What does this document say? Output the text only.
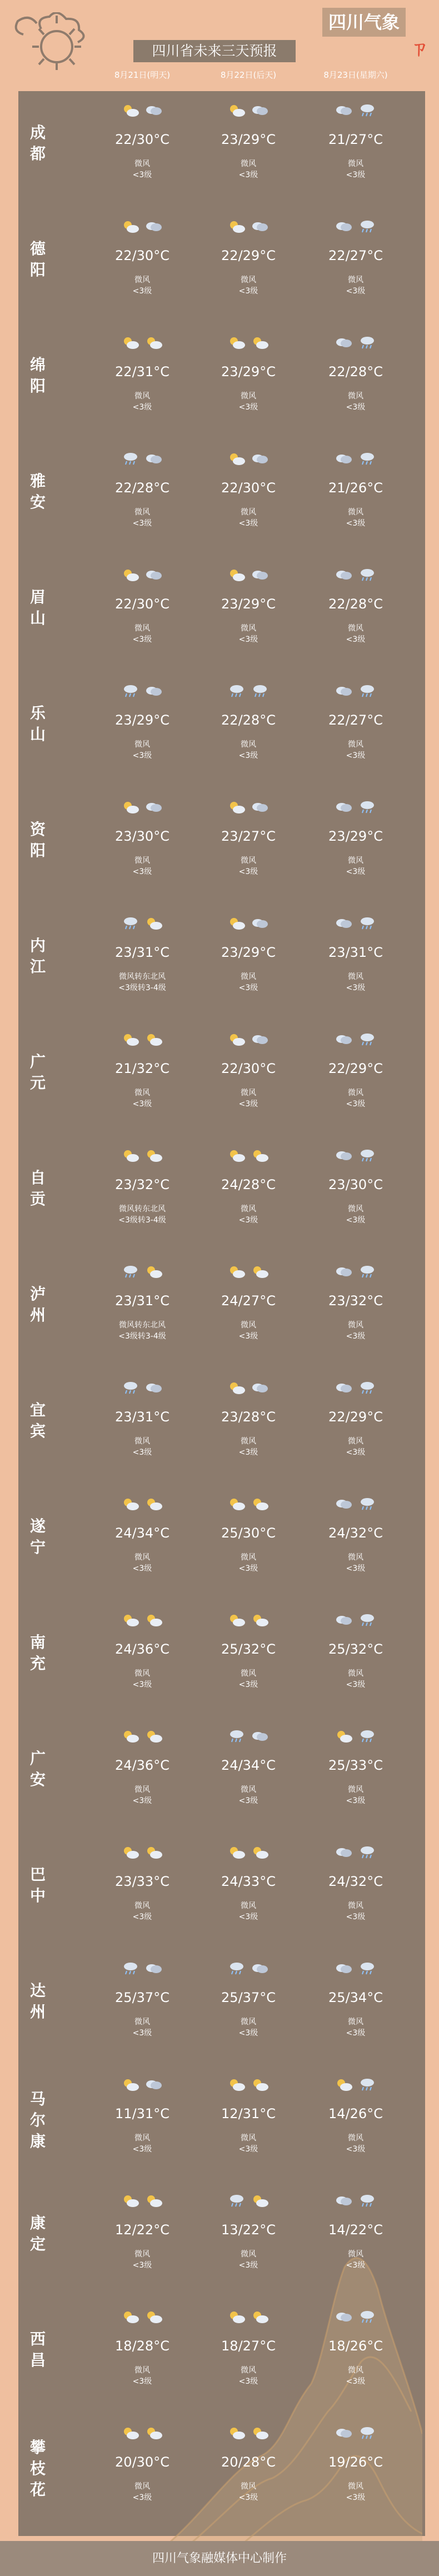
四川省未来三天预报
四川气象
ㄗ
8月21日(明天)	8月22日(后天)	8月23日(星期六)
成
都
22/30°C
微风
<3级
23/29°C
微风
<3级
21/27°C
微风
<3级
德
阳
22/30°C
微风
<3级
22/29°C
微风
<3级
22/27°C
微风
<3级
绵
阳
22/31°C
微风
<3级
23/29°C
微风
<3级
22/28°C
微风
<3级
雅
安
22/28°C
微风
<3级
22/30°C
微风
<3级
21/26°C
微风
<3级
眉
山
22/30°C
微风
<3级
23/29°C
微风
<3级
22/28°C
微风
<3级
乐
山
23/29°C
微风
<3级
22/28°C
微风
<3级
22/27°C
微风
<3级
资
阳
23/30°C
微风
<3级
23/27°C
微风
<3级
23/29°C
微风
<3级
内
江
23/31°C
微风转东北风
<3级转3-4级
23/29°C
微风
<3级
23/31°C
微风
<3级
广
元
21/32°C
微风
<3级
22/30°C
微风
<3级
22/29°C
微风
<3级
自
贡
23/32°C
微风转东北风
<3级转3-4级
24/28°C
微风
<3级
23/30°C
微风
<3级
泸
州
23/31°C
微风转东北风
<3级转3-4级
24/27°C
微风
<3级
23/32°C
微风
<3级
宜
宾
23/31°C
微风
<3级
23/28°C
微风
<3级
22/29°C
微风
<3级
遂
宁
24/34°C
微风
<3级
25/30°C
微风
<3级
24/32°C
微风
<3级
南
充
24/36°C
微风
<3级
25/32°C
微风
<3级
25/32°C
微风
<3级
广
安
24/36°C
微风
<3级
24/34°C
微风
<3级
25/33°C
微风
<3级
巴
中
23/33°C
微风
<3级
24/33°C
微风
<3级
24/32°C
微风
<3级
达
州
25/37°C
微风
<3级
25/37°C
微风
<3级
25/34°C
微风
<3级
马
尔
康
11/31°C
微风
<3级
12/31°C
微风
<3级
14/26°C
微风
<3级
康
定
12/22°C
微风
<3级
13/22°C
微风
<3级
14/22°C
微风
<3级
西
昌
18/28°C
微风
<3级
18/27°C
微风
<3级
18/26°C
微风
<3级
攀
枝
花
20/30°C
微风
<3级
20/28°C
微风
<3级
19/26°C
微风
<3级
四川气象融媒体中心制作
